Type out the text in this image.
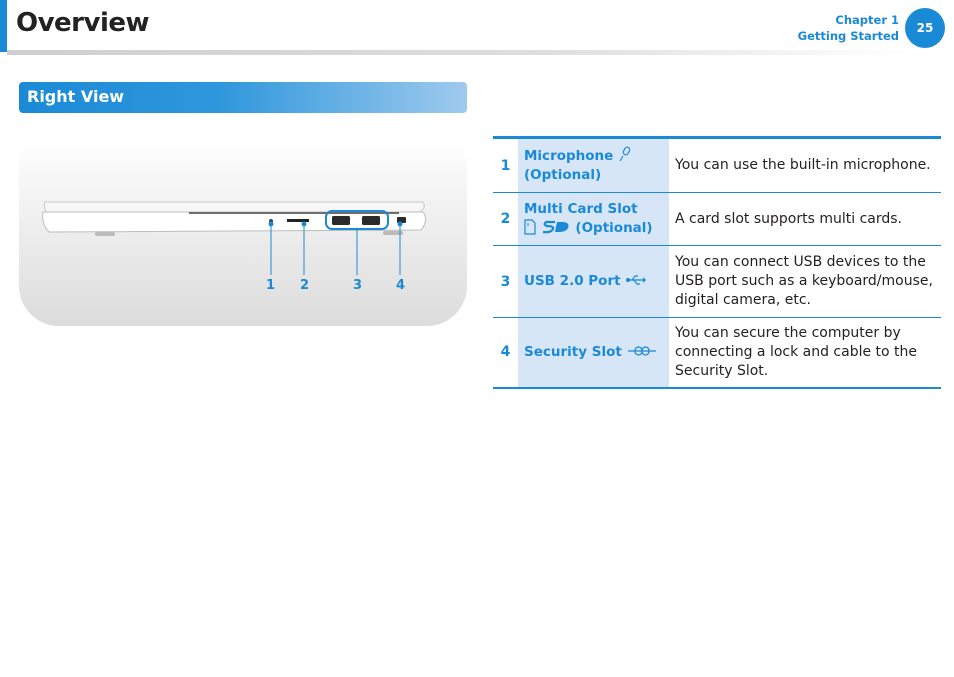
Overview	Chapter 1
Getting Started
25
Right View
1 2	3	4
1	Microphone
(Optional)	You can use the built-in microphone.
2	Multi Card Slot
(Optional)	A card slot supports multi cards.
3	USB 2.0 Port	You can connect USB devices to the USB port such as a keyboard/mouse, digital camera, etc.
4	Security Slot	You can secure the computer by connecting a lock and cable to the Security Slot.
